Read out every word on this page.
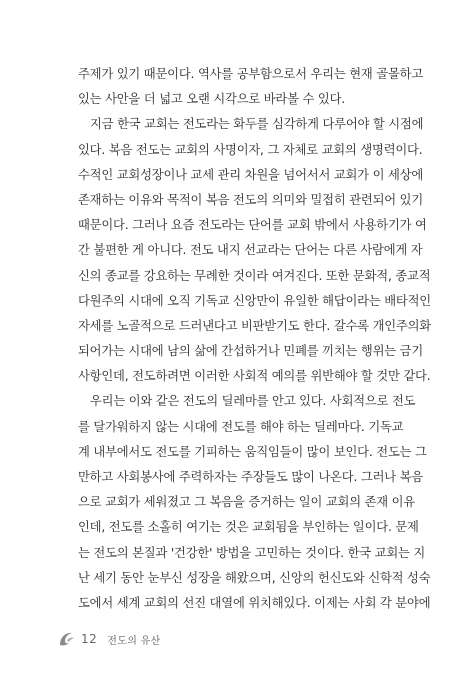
주제가 있기 때문이다. 역사를 공부함으로서 우리는 현재 골몰하고
있는 사안을 더 넓고 오랜 시각으로 바라볼 수 있다.
지금 한국 교회는 전도라는 화두를 심각하게 다루어야 할 시점에
있다. 복음 전도는 교회의 사명이자, 그 자체로 교회의 생명력이다.
수적인 교회성장이나 교세 관리 차원을 넘어서서 교회가 이 세상에
존재하는 이유와 목적이 복음 전도의 의미와 밀접히 관련되어 있기
때문이다. 그러나 요즘 전도라는 단어를 교회 밖에서 사용하기가 여
간 불편한 게 아니다. 전도 내지 선교라는 단어는 다른 사람에게 자
신의 종교를 강요하는 무례한 것이라 여겨진다. 또한 문화적, 종교적
다원주의 시대에 오직 기독교 신앙만이 유일한 해답이라는 배타적인
자세를 노골적으로 드러낸다고 비판받기도 한다. 갈수록 개인주의화
되어가는 시대에 남의 삶에 간섭하거나 민폐를 끼치는 행위는 금기
사항인데, 전도하려면 이러한 사회적 예의를 위반해야 할 것만 같다.
우리는 이와 같은 전도의 딜레마를 안고 있다. 사회적으로 전도
를 달가워하지 않는 시대에 전도를 해야 하는 딜레마다. 기독교
계 내부에서도 전도를 기피하는 움직임들이 많이 보인다. 전도는 그
만하고 사회봉사에 주력하자는 주장들도 많이 나온다. 그러나 복음
으로 교회가 세워졌고 그 복음을 증거하는 일이 교회의 존재 이유
인데, 전도를 소홀히 여기는 것은 교회됨을 부인하는 일이다. 문제
는 전도의 본질과 '건강한' 방법을 고민하는 것이다. 한국 교회는 지
난 세기 동안 눈부신 성장을 해왔으며, 신앙의 헌신도와 신학적 성숙
도에서 세계 교회의 선진 대열에 위치해있다. 이제는 사회 각 분야에
12 전도의 유산
